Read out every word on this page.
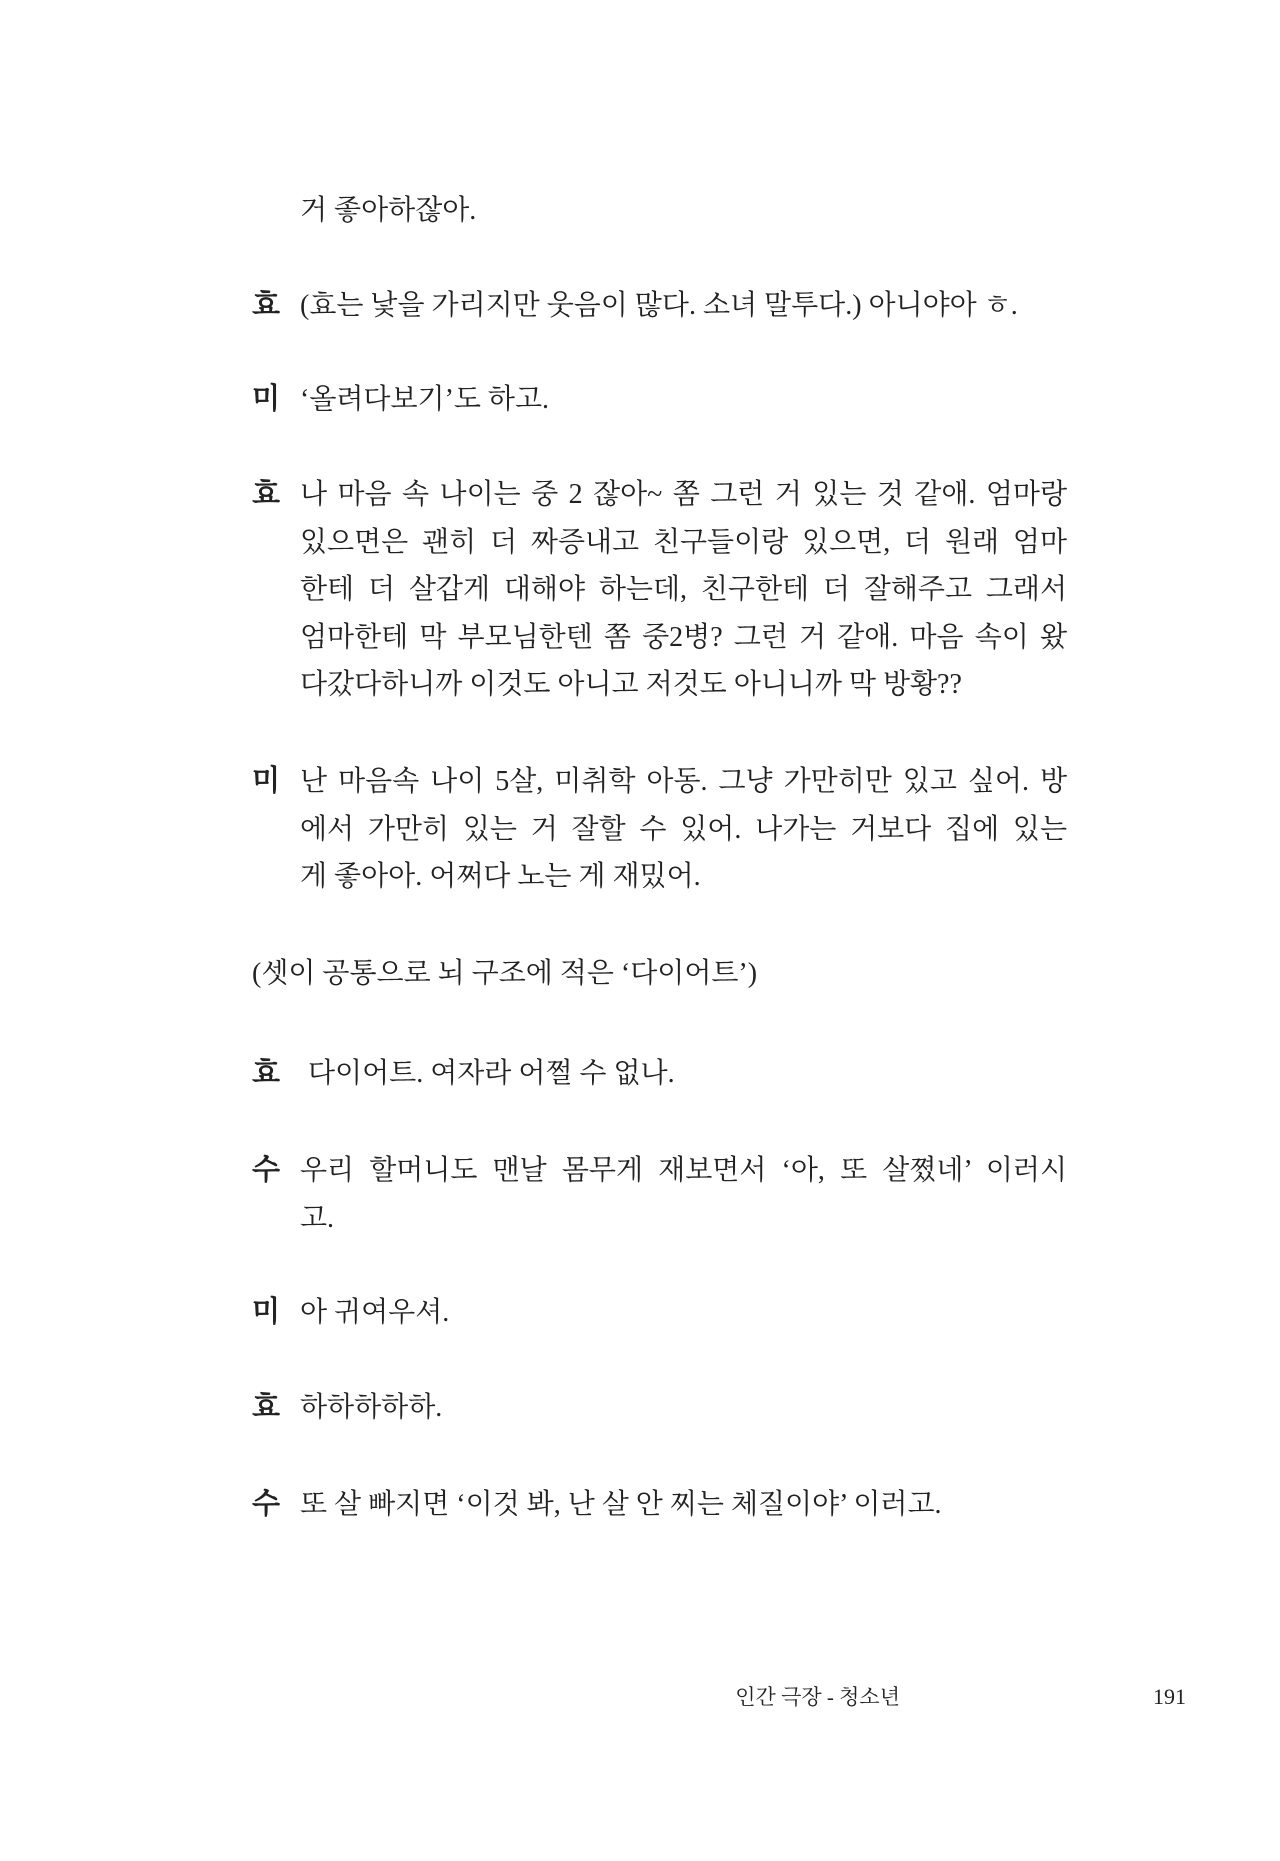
거 좋아하잖아.
효 (효는 낯을 가리지만 웃음이 많다. 소녀 말투다.) 아니야아 ㅎ.
미 ‘올려다보기’도 하고.
효 나 마음 속 나이는 중 2 잖아~ 쫌 그런 거 있는 것 같애. 엄마랑
있으면은 괜히 더 짜증내고 친구들이랑 있으면, 더 원래 엄마
한테 더 살갑게 대해야 하는데, 친구한테 더 잘해주고 그래서
엄마한테 막 부모님한텐 쫌 중2병? 그런 거 같애. 마음 속이 왔
다갔다하니까 이것도 아니고 저것도 아니니까 막 방황??
미 난 마음속 나이 5살, 미취학 아동. 그냥 가만히만 있고 싶어. 방
에서 가만히 있는 거 잘할 수 있어. 나가는 거보다 집에 있는
게 좋아아. 어쩌다 노는 게 재밌어.
(셋이 공통으로 뇌 구조에 적은 ‘다이어트’)
효 다이어트. 여자라 어쩔 수 없나.
수 우리 할머니도 맨날 몸무게 재보면서 ‘아, 또 살쪘네’ 이러시
고.
미 아 귀여우셔.
효 하하하하하.
수 또 살 빠지면 ‘이것 봐, 난 살 안 찌는 체질이야’ 이러고.
인간 극장 - 청소년	191
